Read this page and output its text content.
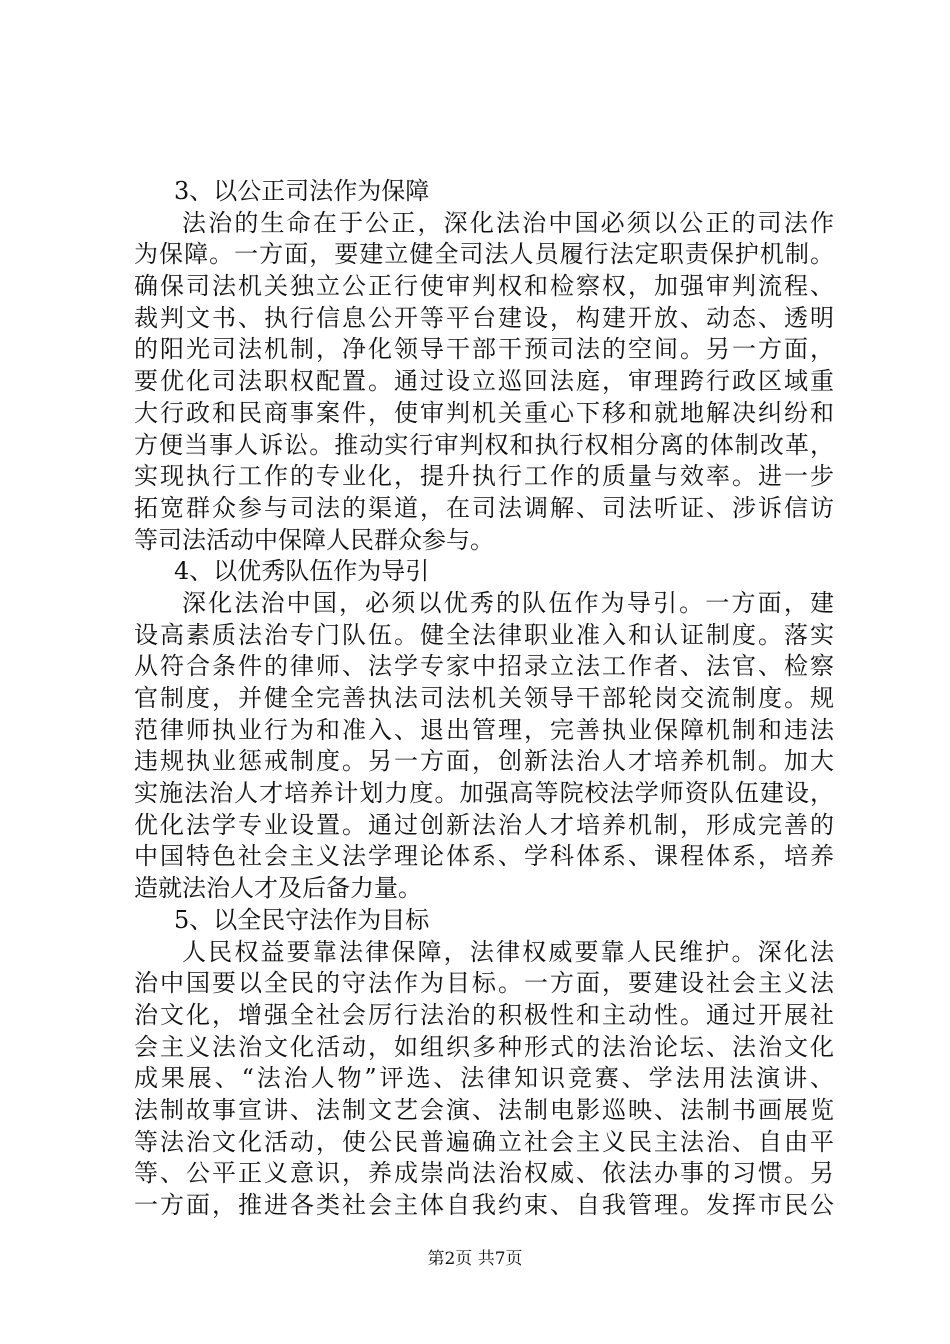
3、以公正司法作为保障
法治的生命在于公正，深化法治中国必须以公正的司法作
为保障。一方面，要建立健全司法人员履行法定职责保护机制。
确保司法机关独立公正行使审判权和检察权，加强审判流程、
裁判文书、执行信息公开等平台建设，构建开放、动态、透明
的阳光司法机制，净化领导干部干预司法的空间。另一方面，
要优化司法职权配置。通过设立巡回法庭，审理跨行政区域重
大行政和民商事案件，使审判机关重心下移和就地解决纠纷和
方便当事人诉讼。推动实行审判权和执行权相分离的体制改革，
实现执行工作的专业化，提升执行工作的质量与效率。进一步
拓宽群众参与司法的渠道，在司法调解、司法听证、涉诉信访
等司法活动中保障人民群众参与。
4、以优秀队伍作为导引
深化法治中国，必须以优秀的队伍作为导引。一方面，建
设高素质法治专门队伍。健全法律职业准入和认证制度。落实
从符合条件的律师、法学专家中招录立法工作者、法官、检察
官制度，并健全完善执法司法机关领导干部轮岗交流制度。规
范律师执业行为和准入、退出管理，完善执业保障机制和违法
违规执业惩戒制度。另一方面，创新法治人才培养机制。加大
实施法治人才培养计划力度。加强高等院校法学师资队伍建设，
优化法学专业设置。通过创新法治人才培养机制，形成完善的
中国特色社会主义法学理论体系、学科体系、课程体系，培养
造就法治人才及后备力量。
5、以全民守法作为目标
人民权益要靠法律保障，法律权威要靠人民维护。深化法
治中国要以全民的守法作为目标。一方面，要建设社会主义法
治文化，增强全社会厉行法治的积极性和主动性。通过开展社
会主义法治文化活动，如组织多种形式的法治论坛、法治文化
成果展、“法治人物”评选、法律知识竞赛、学法用法演讲、
法制故事宣讲、法制文艺会演、法制电影巡映、法制书画展览
等法治文化活动，使公民普遍确立社会主义民主法治、自由平
等、公平正义意识，养成崇尚法治权威、依法办事的习惯。另
一方面，推进各类社会主体自我约束、自我管理。发挥市民公
第2页 共7页
